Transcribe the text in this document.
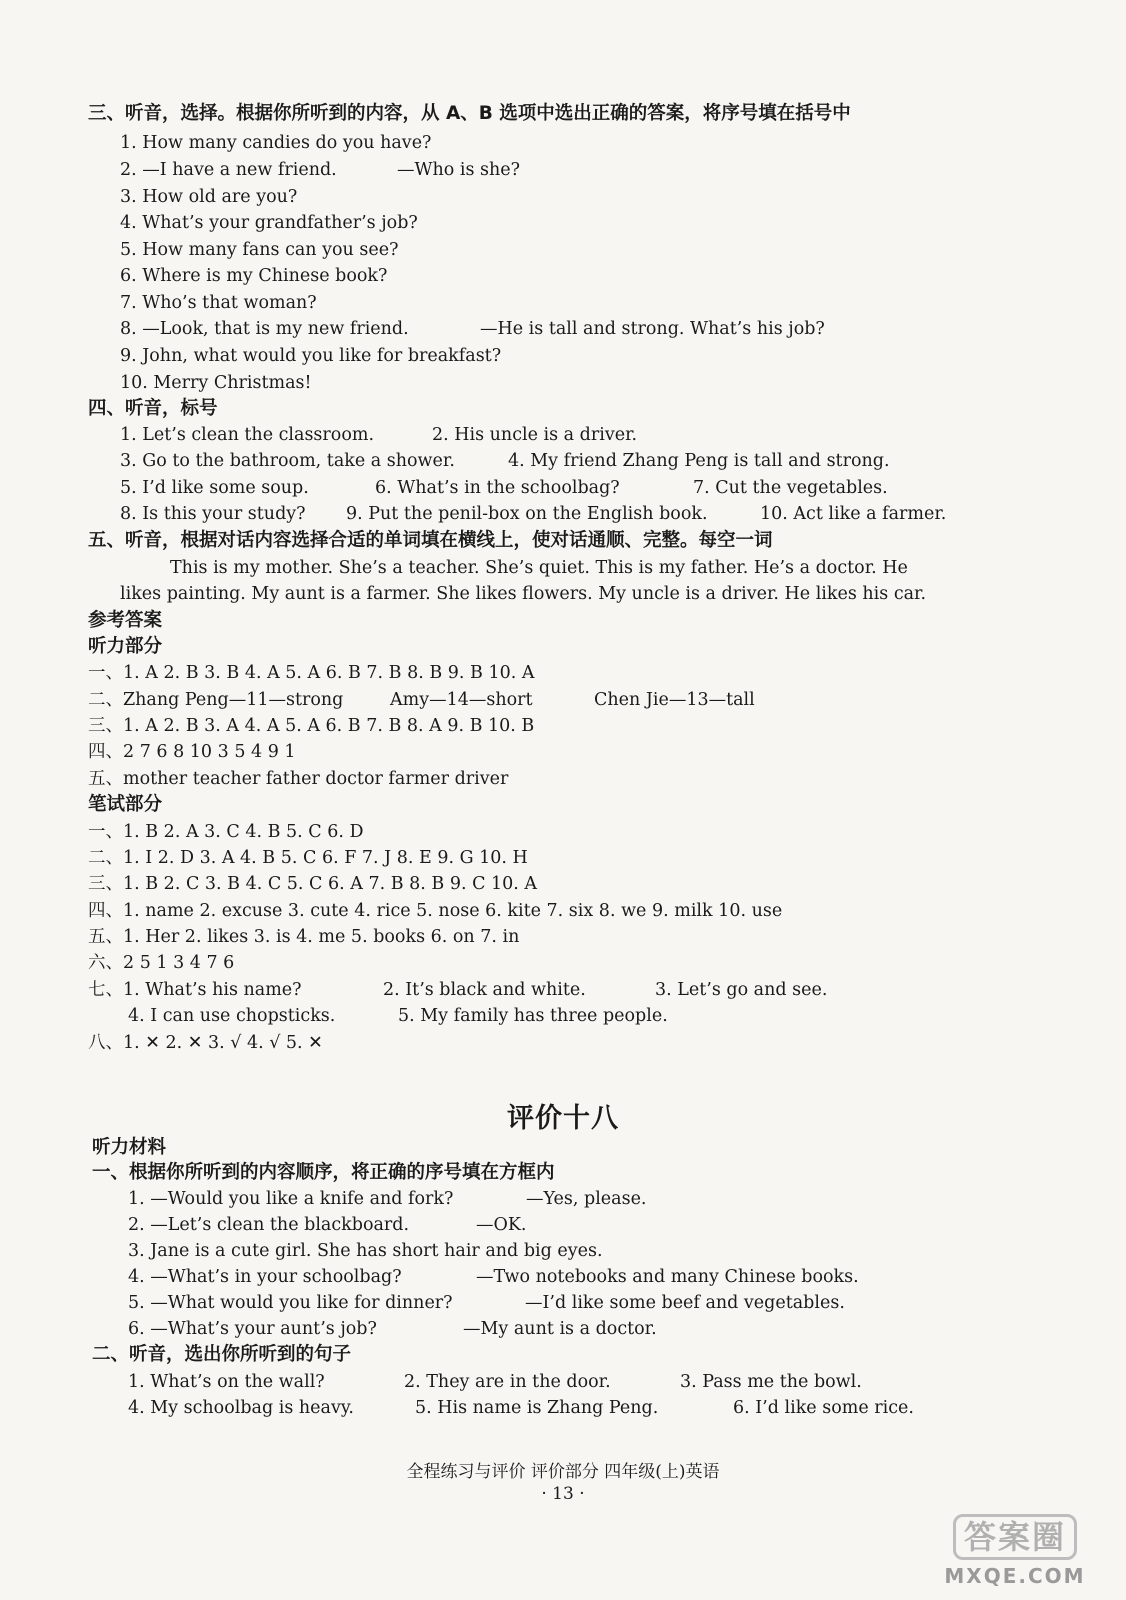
三、听音，选择。根据你所听到的内容，从 A、B 选项中选出正确的答案，将序号填在括号中
1. How many candies do you have?
2. —I have a new friend.	—Who is she?
3. How old are you?
4. What’s your grandfather’s job?
5. How many fans can you see?
6. Where is my Chinese book?
7. Who’s that woman?
8. —Look, that is my new friend.	—He is tall and strong. What’s his job?
9. John, what would you like for breakfast?
10. Merry Christmas!
四、听音，标号
1. Let’s clean the classroom.	2. His uncle is a driver.
3. Go to the bathroom, take a shower.	4. My friend Zhang Peng is tall and strong.
5. I’d like some soup.	6. What’s in the schoolbag?	7. Cut the vegetables.
8. Is this your study? 9. Put the penil-box on the English book.	10. Act like a farmer.
五、听音，根据对话内容选择合适的单词填在横线上，使对话通顺、完整。每空一词
This is my mother. She’s a teacher. She’s quiet. This is my father. He’s a doctor. He
likes painting. My aunt is a farmer. She likes flowers. My uncle is a driver. He likes his car.
参考答案
听力部分
一、1. A 2. B 3. B 4. A 5. A 6. B 7. B 8. B 9. B 10. A
二、Zhang Peng—11—strong	Amy—14—short	Chen Jie—13—tall
三、1. A 2. B 3. A 4. A 5. A 6. B 7. B 8. A 9. B 10. B
四、2 7 6 8 10 3 5 4 9 1
五、mother teacher father doctor farmer driver
笔试部分
一、1. B 2. A 3. C 4. B 5. C 6. D
二、1. I 2. D 3. A 4. B 5. C 6. F 7. J 8. E 9. G 10. H
三、1. B 2. C 3. B 4. C 5. C 6. A 7. B 8. B 9. C 10. A
四、1. name 2. excuse 3. cute 4. rice 5. nose 6. kite 7. six 8. we 9. milk 10. use
五、1. Her 2. likes 3. is 4. me 5. books 6. on 7. in
六、2 5 1 3 4 7 6
七、1. What’s his name?	2. It’s black and white.	3. Let’s go and see.
4. I can use chopsticks.	5. My family has three people.
八、1. ✕ 2. ✕ 3. √ 4. √ 5. ✕
评价十八
听力材料
一、根据你所听到的内容顺序，将正确的序号填在方框内
1. —Would you like a knife and fork?	—Yes, please.
2. —Let’s clean the blackboard.	—OK.
3. Jane is a cute girl. She has short hair and big eyes.
4. —What’s in your schoolbag?	—Two notebooks and many Chinese books.
5. —What would you like for dinner?	—I’d like some beef and vegetables.
6. —What’s your aunt’s job?	—My aunt is a doctor.
二、听音，选出你所听到的句子
1. What’s on the wall?	2. They are in the door.	3. Pass me the bowl.
4. My schoolbag is heavy.	5. His name is Zhang Peng.	6. I’d like some rice.
全程练习与评价 评价部分 四年级(上)英语
· 13 ·
答案圈
MXQE.COM
